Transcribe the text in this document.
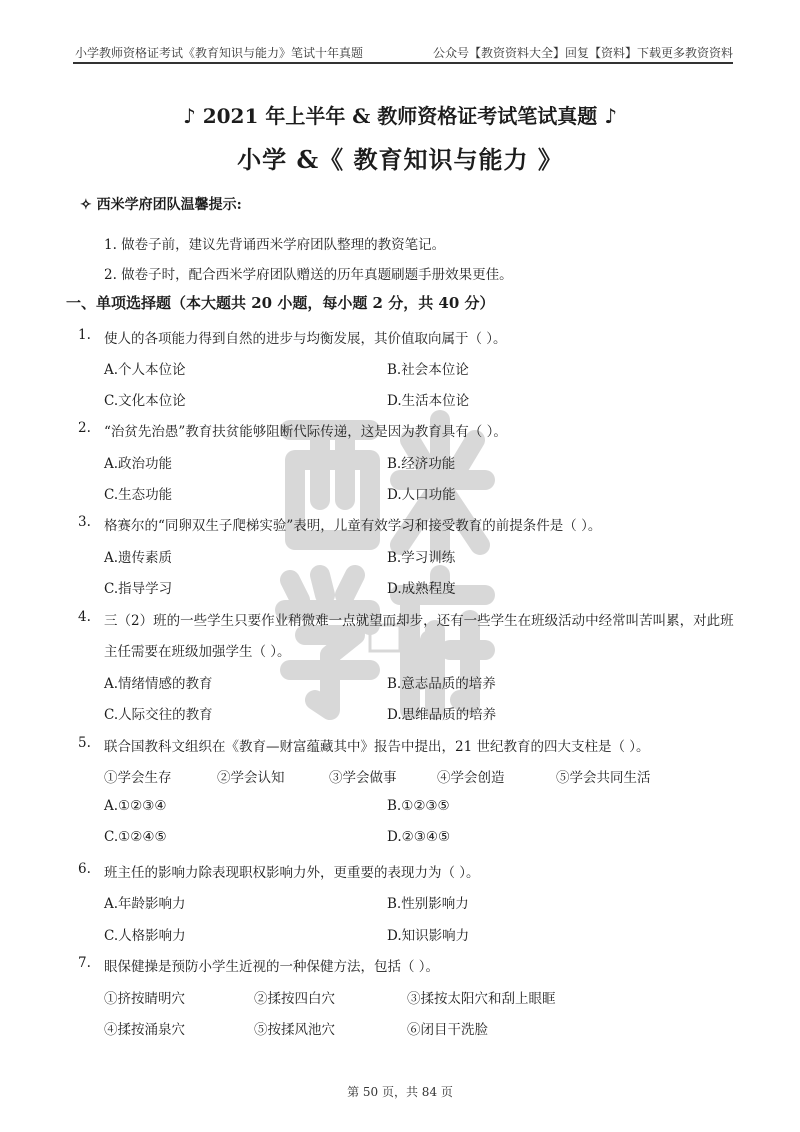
小学教师资格证考试《教育知识与能力》笔试十年真题	公众号【教资资料大全】回复【资料】下载更多教资资料
♪ 2021 年上半年 & 教师资格证考试笔试真题 ♪
小学 &《 教育知识与能力 》
✧ 西米学府团队温馨提示:
1. 做卷子前，建议先背诵西米学府团队整理的教资笔记。
2. 做卷子时，配合西米学府团队赠送的历年真题刷题手册效果更佳。
一、单项选择题（本大题共 20 小题，每小题 2 分，共 40 分）
1. 使人的各项能力得到自然的进步与均衡发展，其价值取向属于（ ）。
A.个人本位论	B.社会本位论
C.文化本位论	D.生活本位论
2. “治贫先治愚”教育扶贫能够阻断代际传递，这是因为教育具有（ ）。
A.政治功能	B.经济功能
C.生态功能	D.人口功能
3. 格赛尔的“同卵双生子爬梯实验”表明，儿童有效学习和接受教育的前提条件是（ ）。
A.遗传素质	B.学习训练
C.指导学习	D.成熟程度
4. 三（2）班的一些学生只要作业稍微难一点就望而却步，还有一些学生在班级活动中经常叫苦叫累，对此班
主任需要在班级加强学生（ ）。
A.情绪情感的教育	B.意志品质的培养
C.人际交往的教育	D.思维品质的培养
5. 联合国教科文组织在《教育—财富蕴藏其中》报告中提出，21 世纪教育的四大支柱是（ ）。
①学会生存	②学会认知	③学会做事	④学会创造	⑤学会共同生活
A.①②③④	B.①②③⑤
C.①②④⑤	D.②③④⑤
6. 班主任的影响力除表现职权影响力外，更重要的表现力为（ ）。
A.年龄影响力	B.性别影响力
C.人格影响力	D.知识影响力
7. 眼保健操是预防小学生近视的一种保健方法，包括（ ）。
①挤按睛明穴	②揉按四白穴	③揉按太阳穴和刮上眼眶
④揉按涌泉穴	⑤按揉风池穴	⑥闭目干洗脸
第 50 页，共 84 页
